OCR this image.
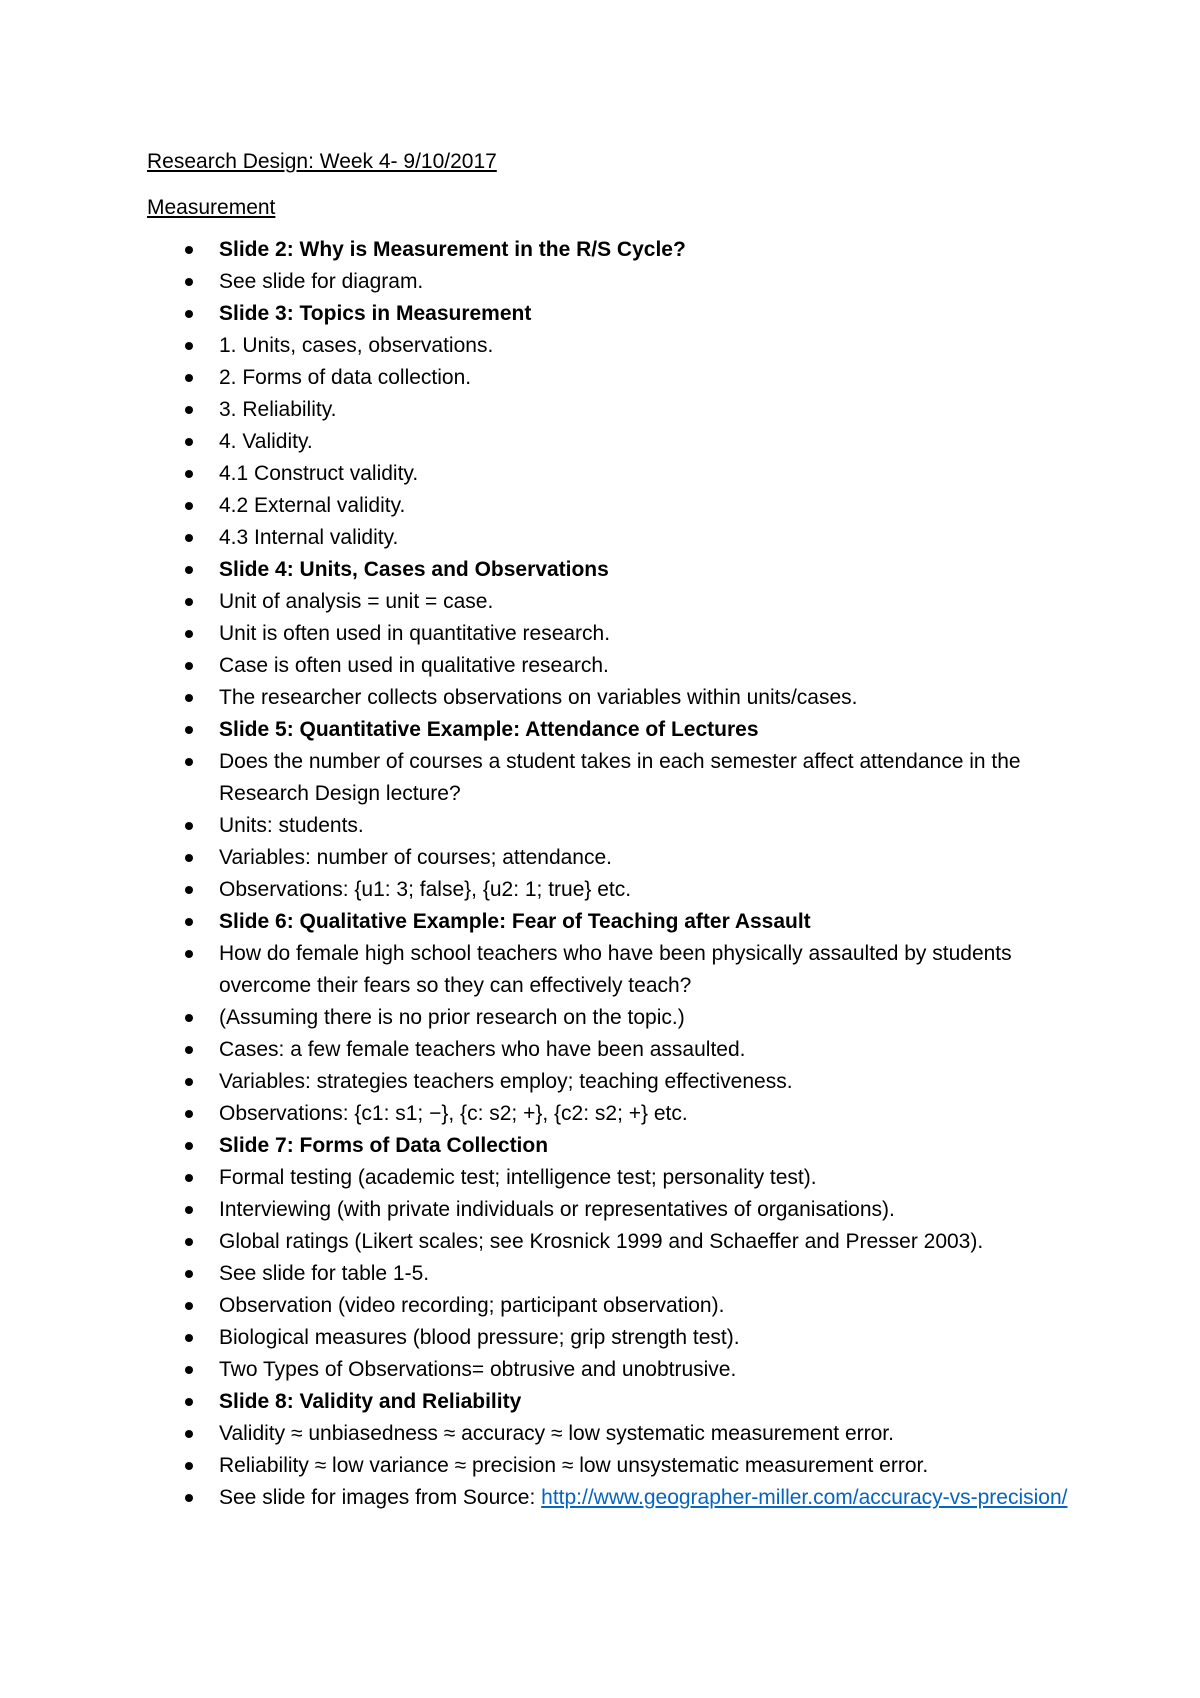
Research Design: Week 4- 9/10/2017
Measurement
Slide 2: Why is Measurement in the R/S Cycle?
See slide for diagram.
Slide 3: Topics in Measurement
1. Units, cases, observations.
2. Forms of data collection.
3. Reliability.
4. Validity.
4.1 Construct validity.
4.2 External validity.
4.3 Internal validity.
Slide 4: Units, Cases and Observations
Unit of analysis = unit = case.
Unit is often used in quantitative research.
Case is often used in qualitative research.
The researcher collects observations on variables within units/cases.
Slide 5: Quantitative Example: Attendance of Lectures
Does the number of courses a student takes in each semester affect attendance in the Research Design lecture?
Units: students.
Variables: number of courses; attendance.
Observations: {u1: 3; false}, {u2: 1; true} etc.
Slide 6: Qualitative Example: Fear of Teaching after Assault
How do female high school teachers who have been physically assaulted by students overcome their fears so they can effectively teach?
(Assuming there is no prior research on the topic.)
Cases: a few female teachers who have been assaulted.
Variables: strategies teachers employ; teaching effectiveness.
Observations: {c1: s1; −}, {c: s2; +}, {c2: s2; +} etc.
Slide 7: Forms of Data Collection
Formal testing (academic test; intelligence test; personality test).
Interviewing (with private individuals or representatives of organisations).
Global ratings (Likert scales; see Krosnick 1999 and Schaeffer and Presser 2003).
See slide for table 1-5.
Observation (video recording; participant observation).
Biological measures (blood pressure; grip strength test).
Two Types of Observations= obtrusive and unobtrusive.
Slide 8: Validity and Reliability
Validity ≈ unbiasedness ≈ accuracy ≈ low systematic measurement error.
Reliability ≈ low variance ≈ precision ≈ low unsystematic measurement error.
See slide for images from Source: http://www.geographer-miller.com/accuracy-vs-precision/
